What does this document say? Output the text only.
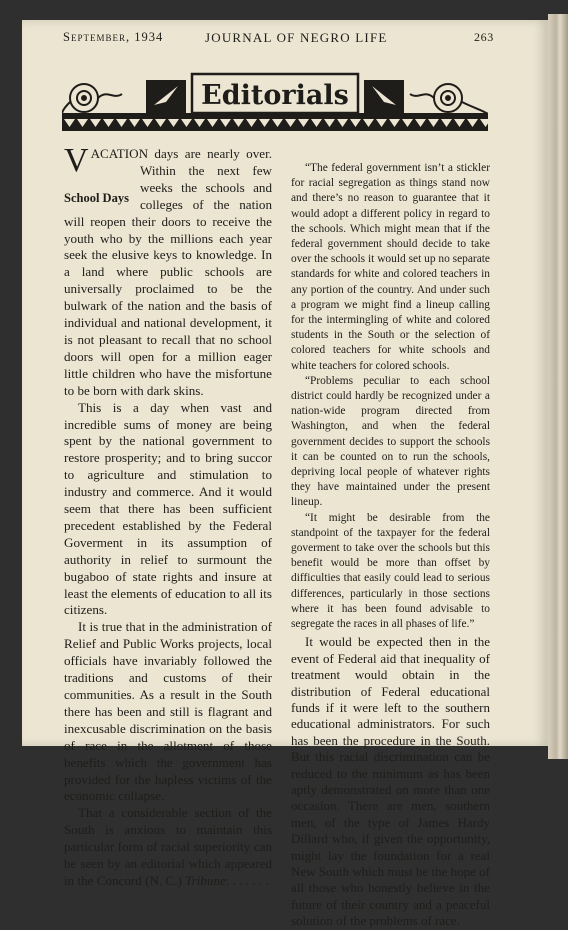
September, 1934	JOURNAL OF NEGRO LIFE	263
Editorials

VACATION
School Days
days are nearly over. Within the next few weeks the schools and colleges of the nation will reopen their doors to receive the youth who by the millions each year seek the elusive keys to knowledge. In a land where public schools are universally proclaimed to be the bulwark of the nation and the basis of individual and national development, it is not pleasant to recall that no school doors will open for a million eager little children who have the misfortune to be born with dark skins.

This is a day when vast and incredible sums of money are being spent by the national government to restore prosperity; and to bring succor to agriculture and stimulation to industry and commerce. And it would seem that there has been sufficient precedent established by the Federal Goverment in its assumption of authority in relief to surmount the bugaboo of state rights and insure at least the elements of education to all its citizens.

It is true that in the administration of Relief and Public Works projects, local officials have invariably followed the traditions and customs of their communities. As a result in the South there has been and still is flagrant and inexcusable discrimination on the basis of race in the allotment of those benefits which the government has provided for the hapless victims of the economic collapse.

That a considerable section of the South is anxious to maintain this particular form of racial superiority can be seen by an editorial which appeared in the Concord (N. C.) Tribune: . . . . . .

“The federal government isn’t a stickler for racial segregation as things stand now and there’s no reason to guarantee that it would adopt a different policy in regard to the schools. Which might mean that if the federal government should decide to take over the schools it would set up no separate standards for white and colored teachers in any portion of the country. And under such a program we might find a lineup calling for the intermingling of white and colored students in the South or the selection of colored teachers for white schools and white teachers for colored schools.

“Problems peculiar to each school district could hardly be recognized under a nation-wide program directed from Washington, and when the federal government decides to support the schools it can be counted on to run the schools, depriving local people of whatever rights they have maintained under the present lineup.

“It might be desirable from the standpoint of the taxpayer for the federal goverment to take over the schools but this benefit would be more than offset by difficulties that easily could lead to serious differences, particularly in those sections where it has been found advisable to segregate the races in all phases of life.”

It would be expected then in the event of Federal aid that inequality of treatment would obtain in the distribution of Federal educational funds if it were left to the southern educational administrators. For such has been the procedure in the South. But this racial discrimination can be reduced to the minimum as has been aptly demonstrated on more than one occasion. There are men, southern men, of the type of James Hardy Dillard who, if given the opportunity, might lay the foundation for a real New South which must be the hope of all those who honestly believe in the future of their country and a peaceful solution of the problems of race.
